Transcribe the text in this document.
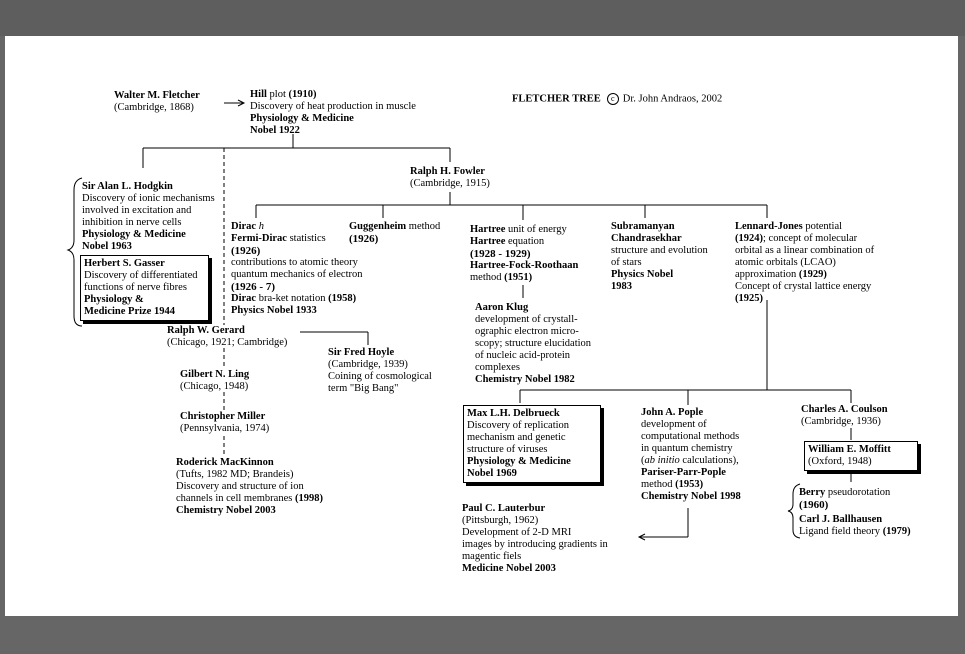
FLETCHER TREE c Dr. John Andraos, 2002
Walter M. Fletcher
(Cambridge, 1868)
Hill plot (1910)
Discovery of heat production in muscle
Physiology & Medicine
Nobel 1922
Sir Alan L. Hodgkin
Discovery of ionic mechanisms
involved in excitation and
inhibition in nerve cells
Physiology & Medicine
Nobel 1963
Herbert S. Gasser
Discovery of differentiated
functions of nerve fibres
Physiology &
Medicine Prize 1944
Ralph W. Gerard
(Chicago, 1921; Cambridge)
Gilbert N. Ling
(Chicago, 1948)
Christopher Miller
(Pennsylvania, 1974)
Roderick MacKinnon
(Tufts, 1982 MD; Brandeis)
Discovery and structure of ion
channels in cell membranes (1998)
Chemistry Nobel 2003
Ralph H. Fowler
(Cambridge, 1915)
Dirac h
Fermi-Dirac statistics
(1926)
contributions to atomic theory
quantum mechanics of electron
(1926 - 7)
Dirac bra-ket notation (1958)
Physics Nobel 1933
Guggenheim method
(1926)
Sir Fred Hoyle
(Cambridge, 1939)
Coining of cosmological
term "Big Bang"
Hartree unit of energy
Hartree equation
(1928 - 1929)
Hartree-Fock-Roothaan
method (1951)
Aaron Klug
development of crystall-
ographic electron micro-
scopy; structure elucidation
of nucleic acid-protein
complexes
Chemistry Nobel 1982
Max L.H. Delbrueck
Discovery of replication
mechanism and genetic
structure of viruses
Physiology & Medicine
Nobel 1969
Paul C. Lauterbur
(Pittsburgh, 1962)
Development of 2-D MRI
images by introducing gradients in
magentic fiels
Medicine Nobel 2003
Subramanyan
Chandrasekhar
structure and evolution
of stars
Physics Nobel
1983
John A. Pople
development of
computational methods
in quantum chemistry
(ab initio calculations),
Pariser-Parr-Pople
method (1953)
Chemistry Nobel 1998
Lennard-Jones potential
(1924); concept of molecular
orbital as a linear combination of
atomic orbitals (LCAO)
approximation (1929)
Concept of crystal lattice energy
(1925)
Charles A. Coulson
(Cambridge, 1936)
William E. Moffitt
(Oxford, 1948)
Berry pseudorotation
(1960)
Carl J. Ballhausen
Ligand field theory (1979)
